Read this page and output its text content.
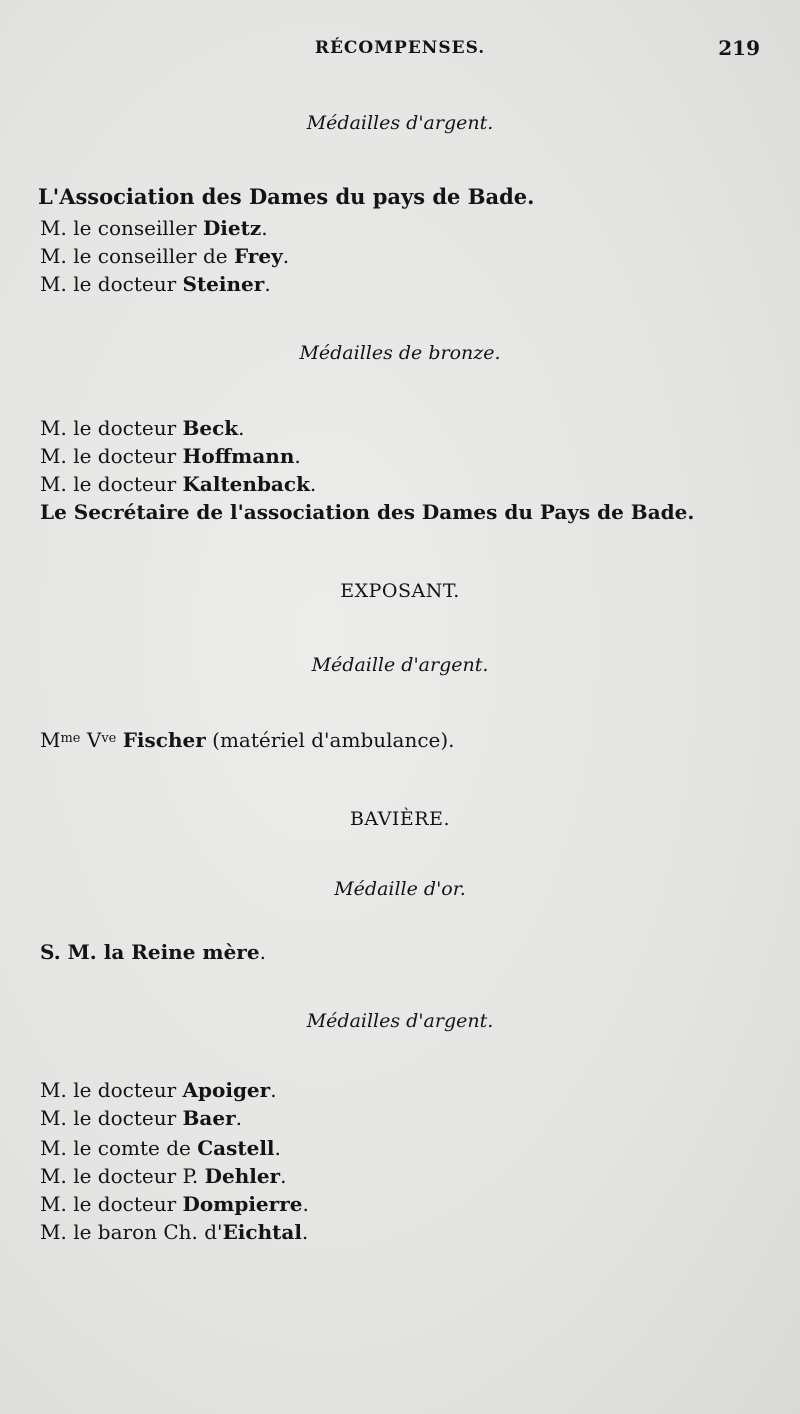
RÉCOMPENSES.	219
Médailles d'argent.
L'Association des Dames du pays de Bade.
M. le conseiller Dietz.
M. le conseiller de Frey.
M. le docteur Steiner.
Médailles de bronze.
M. le docteur Beck.
M. le docteur Hoffmann.
M. le docteur Kaltenback.
Le Secrétaire de l'association des Dames du Pays de Bade.
EXPOSANT.
Médaille d'argent.
$M^{me}$ $V^{ve}$ Fischer (matériel d'ambulance).
BAVIÈRE.
Médaille d'or.
S. M. la Reine mère.
Médailles d'argent.
M. le docteur Apoiger.
M. le docteur Baer.
M. le comte de Castell.
M. le docteur P. Dehler.
M. le docteur Dompierre.
M. le baron Ch. d'Eichtal.
